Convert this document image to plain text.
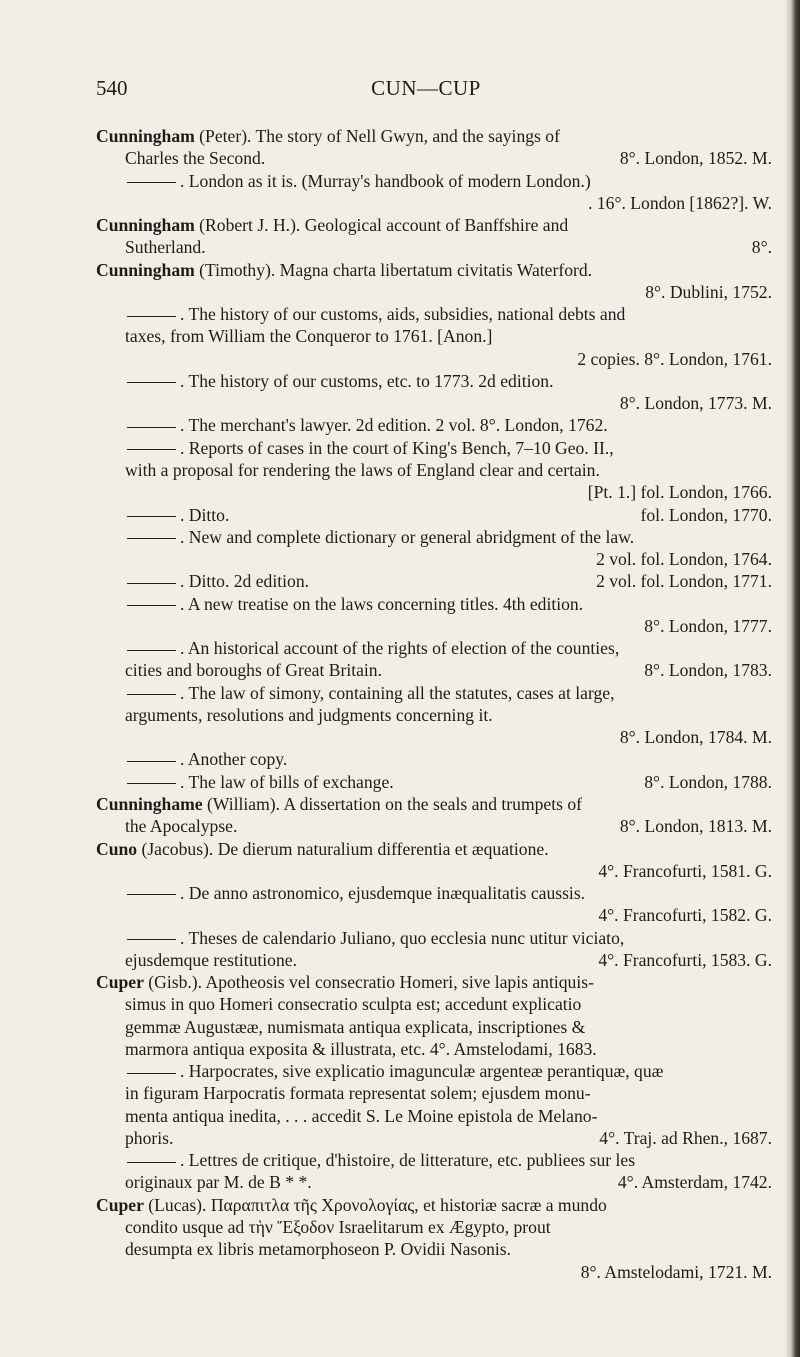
540	CUN—CUP
Cunningham (Peter). The story of Nell Gwyn, and the sayings of
Charles the Second.	8°. London, 1852. M.
. London as it is. (Murray's handbook of modern London.)
. 16°. London [1862?]. W.
Cunningham (Robert J. H.). Geological account of Banffshire and
Sutherland.	8°.
Cunningham (Timothy). Magna charta libertatum civitatis Waterford.
8°. Dublini, 1752.
. The history of our customs, aids, subsidies, national debts and
taxes, from William the Conqueror to 1761. [Anon.]
2 copies. 8°. London, 1761.
. The history of our customs, etc. to 1773. 2d edition.
8°. London, 1773. M.
. The merchant's lawyer. 2d edition. 2 vol. 8°. London, 1762.
. Reports of cases in the court of King's Bench, 7–10 Geo. II.,
with a proposal for rendering the laws of England clear and certain.
[Pt. 1.] fol. London, 1766.
. Ditto.	fol. London, 1770.
. New and complete dictionary or general abridgment of the law.
2 vol. fol. London, 1764.
. Ditto. 2d edition.	2 vol. fol. London, 1771.
. A new treatise on the laws concerning titles. 4th edition.
8°. London, 1777.
. An historical account of the rights of election of the counties,
cities and boroughs of Great Britain.	8°. London, 1783.
. The law of simony, containing all the statutes, cases at large,
arguments, resolutions and judgments concerning it.
8°. London, 1784. M.
. Another copy.
. The law of bills of exchange.	8°. London, 1788.
Cunninghame (William). A dissertation on the seals and trumpets of
the Apocalypse.	8°. London, 1813. M.
Cuno (Jacobus). De dierum naturalium differentia et æquatione.
4°. Francofurti, 1581. G.
. De anno astronomico, ejusdemque inæqualitatis caussis.
4°. Francofurti, 1582. G.
. Theses de calendario Juliano, quo ecclesia nunc utitur viciato,
ejusdemque restitutione.	4°. Francofurti, 1583. G.
Cuper (Gisb.). Apotheosis vel consecratio Homeri, sive lapis antiquis-
simus in quo Homeri consecratio sculpta est; accedunt explicatio
gemmæ Augustææ, numismata antiqua explicata, inscriptiones &
marmora antiqua exposita & illustrata, etc. 4°. Amstelodami, 1683.
. Harpocrates, sive explicatio imagunculæ argenteæ perantiquæ, quæ
in figuram Harpocratis formata representat solem; ejusdem monu-
menta antiqua inedita, . . . accedit S. Le Moine epistola de Melano-
phoris.	4°. Traj. ad Rhen., 1687.
. Lettres de critique, d'histoire, de litterature, etc. publiees sur les
originaux par M. de B * *.	4°. Amsterdam, 1742.
Cuper (Lucas). Παραπιτλα τῆς Χρονολογίας, et historiæ sacræ a mundo
condito usque ad τὴν Ἔξοδον Israelitarum ex Ægypto, prout
desumpta ex libris metamorphoseon P. Ovidii Nasonis.
8°. Amstelodami, 1721. M.
